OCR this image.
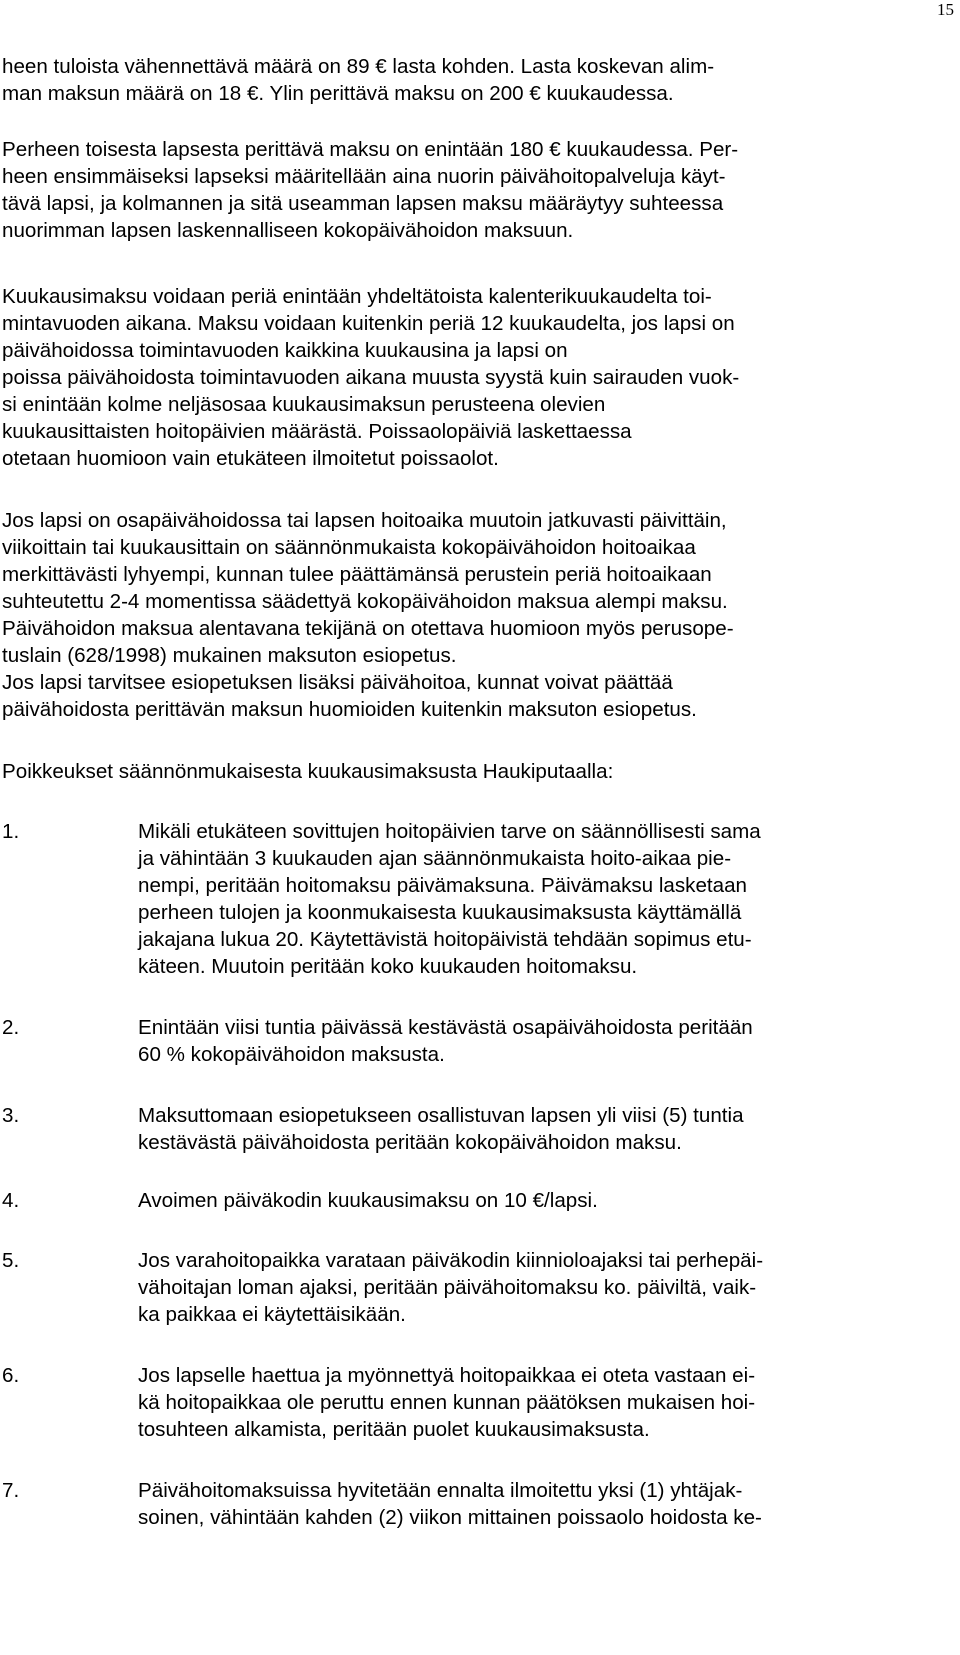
15
heen tuloista vähennettävä määrä on 89 € lasta kohden. Lasta koskevan alim-
man maksun määrä on 18 €. Ylin perittävä maksu on 200 € kuukaudessa.
Perheen toisesta lapsesta perittävä maksu on enintään 180 € kuukaudessa. Per-
heen ensimmäiseksi lapseksi määritellään aina nuorin päivähoitopalveluja käyt-
tävä lapsi, ja kolmannen ja sitä useamman lapsen maksu määräytyy suhteessa
nuorimman lapsen laskennalliseen kokopäivähoidon maksuun.
Kuukausimaksu voidaan periä enintään yhdeltätoista kalenterikuukaudelta toi-
mintavuoden aikana. Maksu voidaan kuitenkin periä 12 kuukaudelta, jos lapsi on
päivähoidossa toimintavuoden kaikkina kuukausina ja lapsi on
poissa päivähoidosta toimintavuoden aikana muusta syystä kuin sairauden vuok-
si enintään kolme neljäsosaa kuukausimaksun perusteena olevien
kuukausittaisten hoitopäivien määrästä. Poissaolopäiviä laskettaessa
otetaan huomioon vain etukäteen ilmoitetut poissaolot.
Jos lapsi on osapäivähoidossa tai lapsen hoitoaika muutoin jatkuvasti päivittäin,
viikoittain tai kuukausittain on säännönmukaista kokopäivähoidon hoitoaikaa
merkittävästi lyhyempi, kunnan tulee päättämänsä perustein periä hoitoaikaan
suhteutettu 2-4 momentissa säädettyä kokopäivähoidon maksua alempi maksu.
Päivähoidon maksua alentavana tekijänä on otettava huomioon myös perusope-
tuslain (628/1998) mukainen maksuton esiopetus.
Jos lapsi tarvitsee esiopetuksen lisäksi päivähoitoa, kunnat voivat päättää
päivähoidosta perittävän maksun huomioiden kuitenkin maksuton esiopetus.
Poikkeukset säännönmukaisesta kuukausimaksusta Haukiputaalla:
1.	Mikäli etukäteen sovittujen hoitopäivien tarve on säännöllisesti sama
ja vähintään 3 kuukauden ajan säännönmukaista hoito-aikaa pie-
nempi, peritään hoitomaksu päivämaksuna. Päivämaksu lasketaan
perheen tulojen ja koonmukaisesta kuukausimaksusta käyttämällä
jakajana lukua 20. Käytettävistä hoitopäivistä tehdään sopimus etu-
käteen. Muutoin peritään koko kuukauden hoitomaksu.
2.	Enintään viisi tuntia päivässä kestävästä osapäivähoidosta peritään
60 % kokopäivähoidon maksusta.
3.	Maksuttomaan esiopetukseen osallistuvan lapsen yli viisi (5) tuntia
kestävästä päivähoidosta peritään kokopäivähoidon maksu.
4.	Avoimen päiväkodin kuukausimaksu on 10 €/lapsi.
5.	Jos varahoitopaikka varataan päiväkodin kiinnioloajaksi tai perhepäi-
vähoitajan loman ajaksi, peritään päivähoitomaksu ko. päiviltä, vaik-
ka paikkaa ei käytettäisikään.
6.	Jos lapselle haettua ja myönnettyä hoitopaikkaa ei oteta vastaan ei-
kä hoitopaikkaa ole peruttu ennen kunnan päätöksen mukaisen hoi-
tosuhteen alkamista, peritään puolet kuukausimaksusta.
7.	Päivähoitomaksuissa hyvitetään ennalta ilmoitettu yksi (1) yhtäjak-
soinen, vähintään kahden (2) viikon mittainen poissaolo hoidosta ke-
